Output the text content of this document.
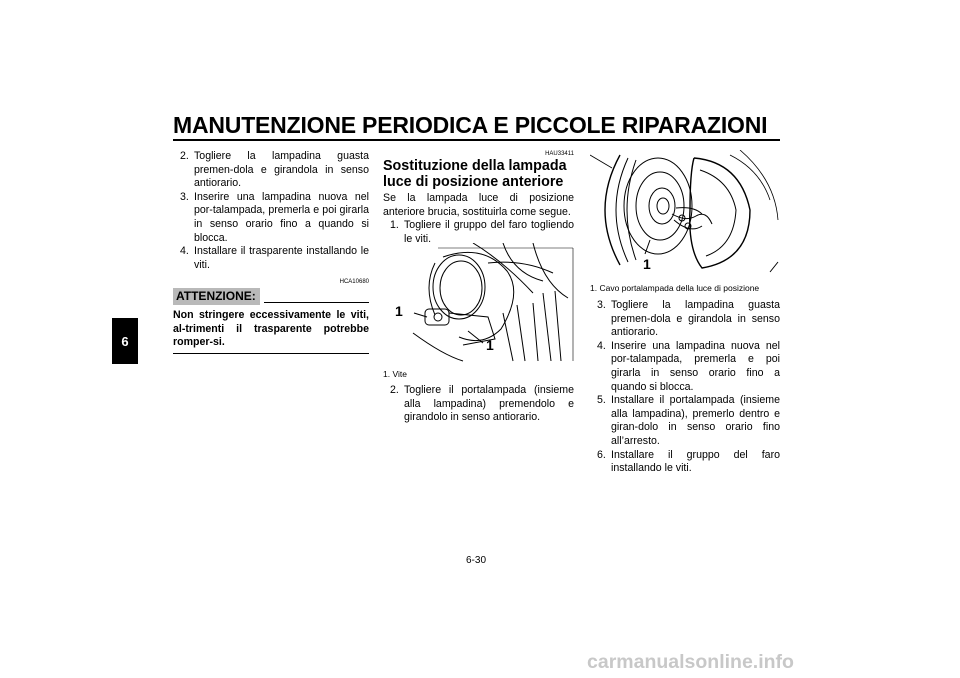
MANUTENZIONE PERIODICA E PICCOLE RIPARAZIONI
6
2. Togliere la lampadina guasta premen-dola e girandola in senso antiorario.
3. Inserire una lampadina nuova nel por-talampada, premerla e poi girarla in senso orario fino a quando si blocca.
4. Installare il trasparente installando le viti.
HCA10680
ATTENZIONE:
Non stringere eccessivamente le viti, al-trimenti il trasparente potrebbe romper-si.
HAU33411
Sostituzione della lampada luce di posizione anteriore
Se la lampada luce di posizione anteriore brucia, sostituirla come segue.
1. Togliere il gruppo del faro togliendo le viti.
1
1
1. Vite
2. Togliere il portalampada (insieme alla lampadina) premendolo e girandolo in senso antiorario.
1
1. Cavo portalampada della luce di posizione
3. Togliere la lampadina guasta premen-dola e girandola in senso antiorario.
4. Inserire una lampadina nuova nel por-talampada, premerla e poi girarla in senso orario fino a quando si blocca.
5. Installare il portalampada (insieme alla lampadina), premerlo dentro e giran-dolo in senso orario fino all’arresto.
6. Installare il gruppo del faro installando le viti.
6-30
carmanualsonline.info
